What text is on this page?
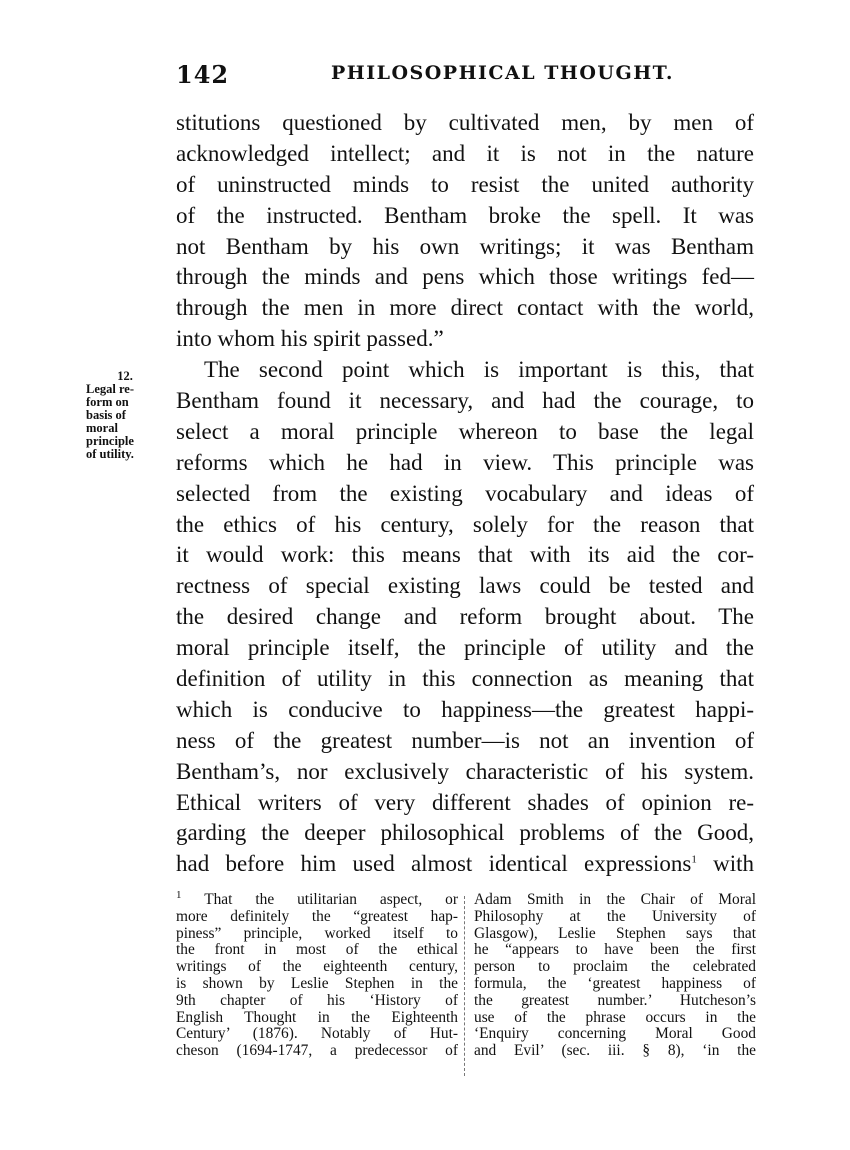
142	PHILOSOPHICAL THOUGHT.
12.
Legal re-
form on
basis of
moral
principle
of utility.
stitutions questioned by cultivated men, by men of
acknowledged intellect; and it is not in the nature
of uninstructed minds to resist the united authority
of the instructed. Bentham broke the spell. It was
not Bentham by his own writings; it was Bentham
through the minds and pens which those writings fed—
through the men in more direct contact with the world,
into whom his spirit passed.”
The second point which is important is this, that
Bentham found it necessary, and had the courage, to
select a moral principle whereon to base the legal
reforms which he had in view. This principle was
selected from the existing vocabulary and ideas of
the ethics of his century, solely for the reason that
it would work: this means that with its aid the cor-
rectness of special existing laws could be tested and
the desired change and reform brought about. The
moral principle itself, the principle of utility and the
definition of utility in this connection as meaning that
which is conducive to happiness—the greatest happi-
ness of the greatest number—is not an invention of
Bentham’s, nor exclusively characteristic of his system.
Ethical writers of very different shades of opinion re-
garding the deeper philosophical problems of the Good,
had before him used almost identical expressions$^1$ with
$^1$ That the utilitarian aspect, or
more definitely the “greatest hap-
piness” principle, worked itself to
the front in most of the ethical
writings of the eighteenth century,
is shown by Leslie Stephen in the
9th chapter of his ‘History of
English Thought in the Eighteenth
Century’ (1876). Notably of Hut-
cheson (1694-1747, a predecessor of
Adam Smith in the Chair of Moral
Philosophy at the University of
Glasgow), Leslie Stephen says that
he “appears to have been the first
person to proclaim the celebrated
formula, the ‘greatest happiness of
the greatest number.’ Hutcheson’s
use of the phrase occurs in the
‘Enquiry concerning Moral Good
and Evil’ (sec. iii. § 8), ‘in the
